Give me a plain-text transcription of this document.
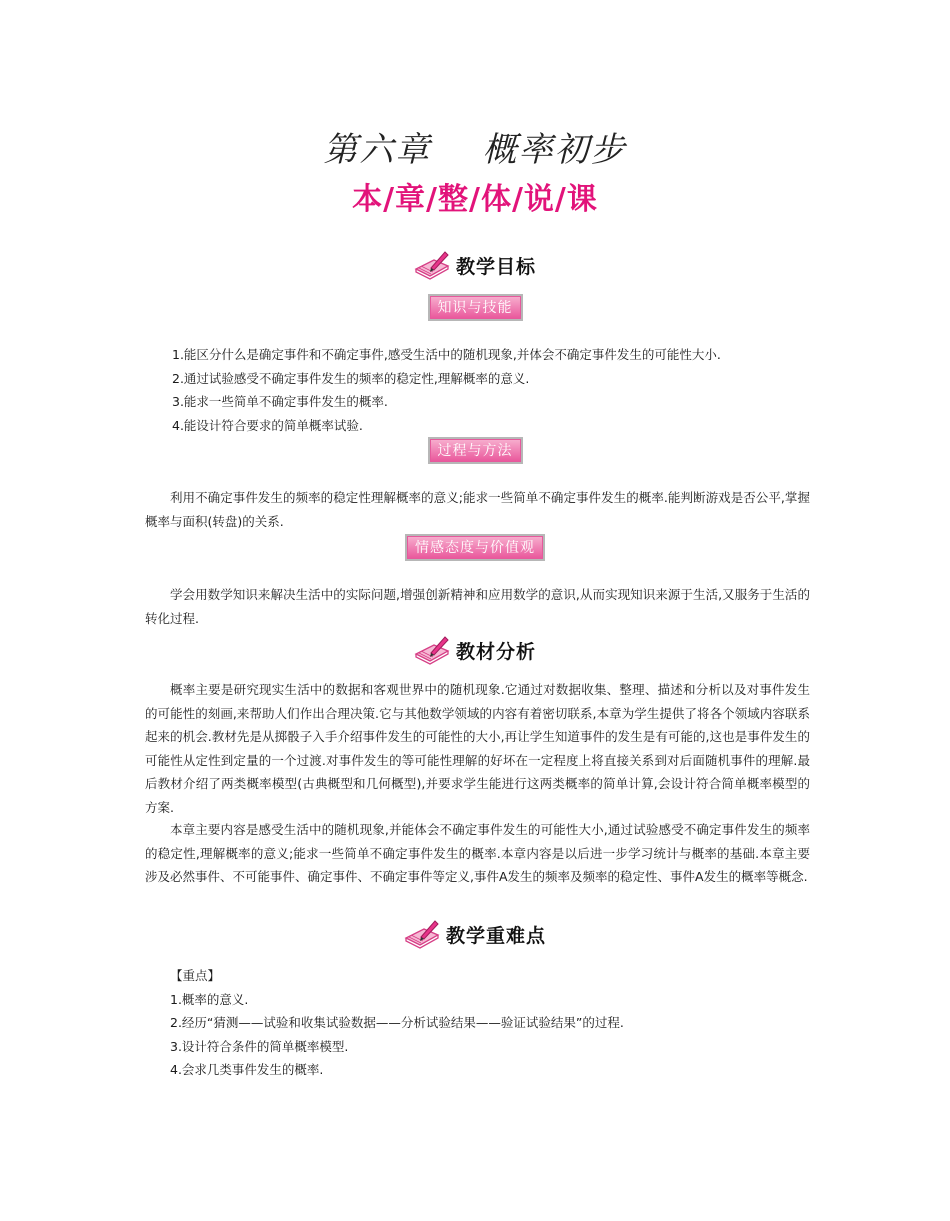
第六章    概率初步
本/章/整/体/说/课
教学目标
知识与技能
1.能区分什么是确定事件和不确定事件,感受生活中的随机现象,并体会不确定事件发生的可能性大小.
2.通过试验感受不确定事件发生的频率的稳定性,理解概率的意义.
3.能求一些简单不确定事件发生的概率.
4.能设计符合要求的简单概率试验.
过程与方法

利用不确定事件发生的频率的稳定性理解概率的意义;能求一些简单不确定事件发生的概率.能判断游戏是否公平,掌握概率与面积(转盘)的关系.

情感态度与价值观

学会用数学知识来解决生活中的实际问题,增强创新精神和应用数学的意识,从而实现知识来源于生活,又服务于生活的转化过程.

教材分析

概率主要是研究现实生活中的数据和客观世界中的随机现象.它通过对数据收集、整理、描述和分析以及对事件发生的可能性的刻画,来帮助人们作出合理决策.它与其他数学领域的内容有着密切联系,本章为学生提供了将各个领域内容联系起来的机会.教材先是从掷骰子入手介绍事件发生的可能性的大小,再让学生知道事件的发生是有可能的,这也是事件发生的可能性从定性到定量的一个过渡.对事件发生的等可能性理解的好坏在一定程度上将直接关系到对后面随机事件的理解.最后教材介绍了两类概率模型(古典概型和几何概型),并要求学生能进行这两类概率的简单计算,会设计符合简单概率模型的方案.

本章主要内容是感受生活中的随机现象,并能体会不确定事件发生的可能性大小,通过试验感受不确定事件发生的频率的稳定性,理解概率的意义;能求一些简单不确定事件发生的概率.本章内容是以后进一步学习统计与概率的基础.本章主要涉及必然事件、不可能事件、确定事件、不确定事件等定义,事件A发生的频率及频率的稳定性、事件A发生的概率等概念.

教学重难点
【重点】
1.概率的意义.
2.经历“猜测——试验和收集试验数据——分析试验结果——验证试验结果”的过程.
3.设计符合条件的简单概率模型.
4.会求几类事件发生的概率.
